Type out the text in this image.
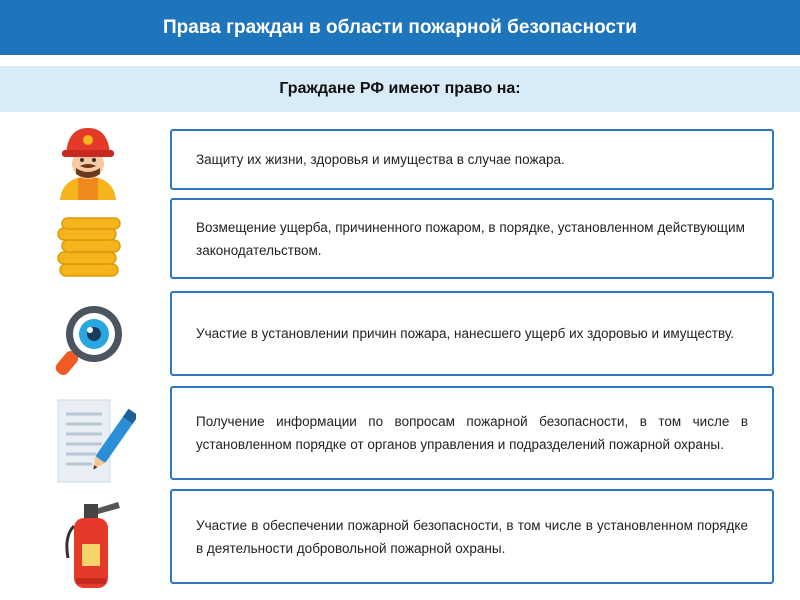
Права граждан в области пожарной безопасности
Граждане РФ имеют право на:
Защиту их жизни, здоровья и имущества в случае пожара.
Возмещение ущерба, причиненного пожаром, в порядке, установленном действующим законодательством.
Участие в установлении причин пожара, нанесшего ущерб их здоровью и имуществу.
Получение информации по вопросам пожарной безопасности, в том числе в установленном порядке от органов управления и подразделений пожарной охраны.
Участие в обеспечении пожарной безопасности, в том числе в установленном порядке в деятельности добровольной пожарной охраны.
